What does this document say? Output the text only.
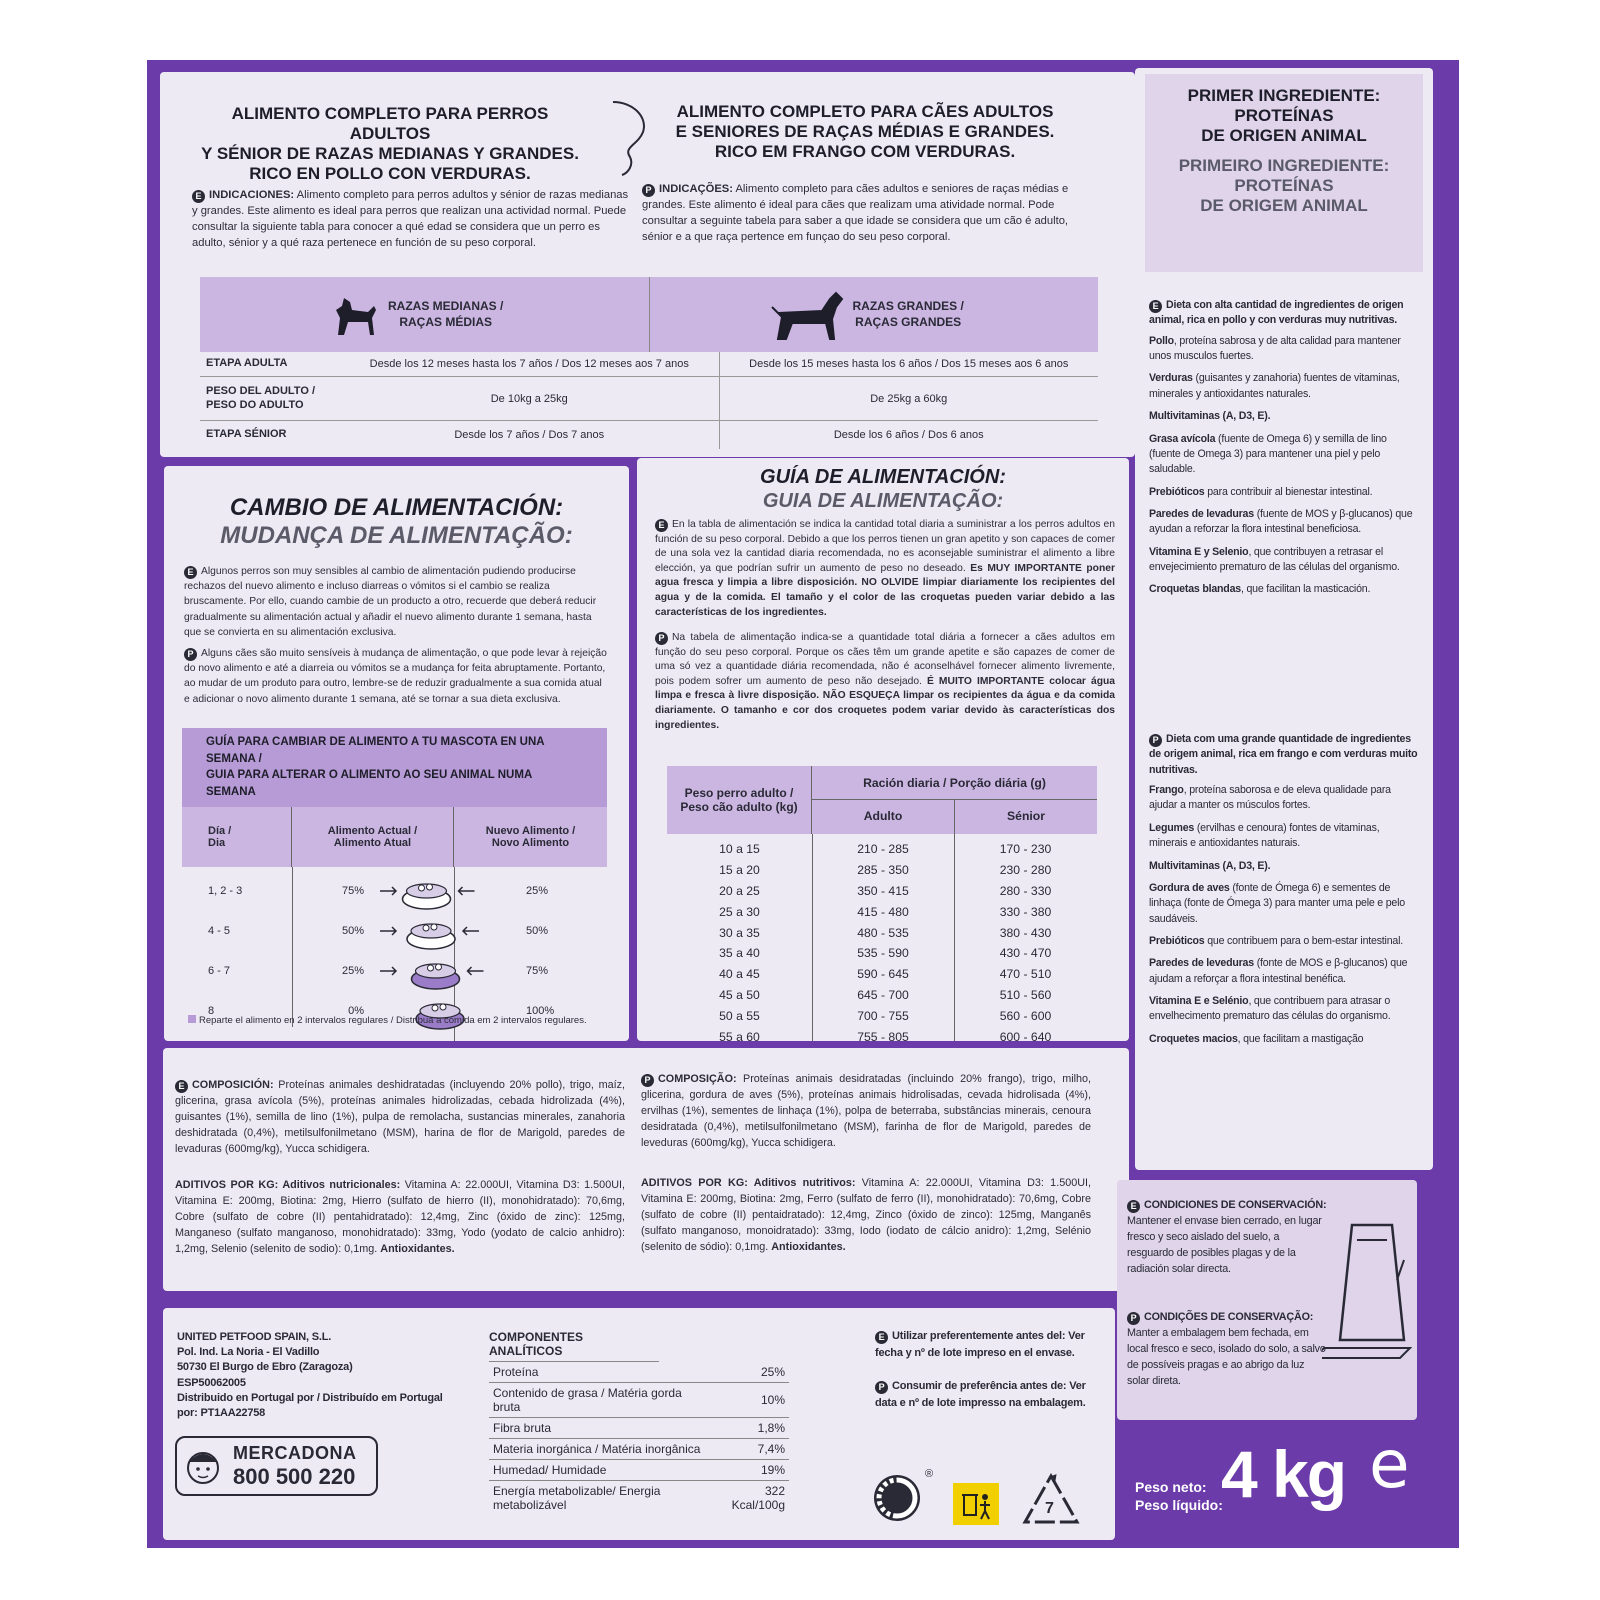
ALIMENTO COMPLETO PARA PERROS ADULTOS
Y SÉNIOR DE RAZAS MEDIANAS Y GRANDES.
RICO EN POLLO CON VERDURAS.
ALIMENTO COMPLETO PARA CÃES ADULTOS
E SENIORES DE RAÇAS MÉDIAS E GRANDES.
RICO EM FRANGO COM VERDURAS.
E INDICACIONES: Alimento completo para perros adultos y sénior de razas medianas y grandes. Este alimento es ideal para perros que realizan una actividad normal. Puede consultar la siguiente tabla para conocer a qué edad se considera que un perro es adulto, sénior y a qué raza pertenece en función de su peso corporal.
P INDICAÇÕES: Alimento completo para cães adultos e seniores de raças médias e grandes. Este alimento é ideal para cães que realizam uma atividade normal. Pode consultar a seguinte tabela para saber a que idade se considera que um cão é adulto, sénior e a que raça pertence em funçao do seu peso corporal.
RAZAS MEDIANAS /
RAÇAS MÉDIAS
RAZAS GRANDES /
RAÇAS GRANDES
ETAPA ADULTA	Desde los 12 meses hasta los 7 años / Dos 12 meses aos 7 anos	Desde los 15 meses hasta los 6 años / Dos 15 meses aos 6 anos
PESO DEL ADULTO /
PESO DO ADULTO	De 10kg a 25kg	De 25kg a 60kg
ETAPA SÉNIOR	Desde los 7 años / Dos 7 anos	Desde los 6 años / Dos 6 anos
CAMBIO DE ALIMENTACIÓN:
MUDANÇA DE ALIMENTAÇÃO:
E Algunos perros son muy sensibles al cambio de alimentación pudiendo producirse rechazos del nuevo alimento e incluso diarreas o vómitos si el cambio se realiza bruscamente. Por ello, cuando cambie de un producto a otro, recuerde que deberá reducir gradualmente su alimentación actual y añadir el nuevo alimento durante 1 semana, hasta que se convierta en su alimentación exclusiva.
P Alguns cães são muito sensíveis à mudança de alimentação, o que pode levar à rejeição do novo alimento e até a diarreia ou vómitos se a mudança for feita abruptamente. Portanto, ao mudar de um produto para outro, lembre-se de reduzir gradualmente a sua comida atual e adicionar o novo alimento durante 1 semana, até se tornar a sua dieta exclusiva.
GUÍA PARA CAMBIAR DE ALIMENTO A TU MASCOTA EN UNA SEMANA /
GUIA PARA ALTERAR O ALIMENTO AO SEU ANIMAL NUMA SEMANA
Día /
Dia
Alimento Actual /
Alimento Atual
Nuevo Alimento /
Novo Alimento
1, 2 - 3	75%	25%
4 - 5	50%	50%
6 - 7	25%	75%
8	0%	100%
Reparte el alimento en 2 intervalos regulares / Distribua a comida em 2 intervalos regulares.
GUÍA DE ALIMENTACIÓN:
GUIA DE ALIMENTAÇÃO:
E En la tabla de alimentación se indica la cantidad total diaria a suministrar a los perros adultos en función de su peso corporal. Debido a que los perros tienen un gran apetito y son capaces de comer de una sola vez la cantidad diaria recomendada, no es aconsejable suministrar el alimento a libre elección, ya que podrían sufrir un aumento de peso no deseado. Es MUY IMPORTANTE poner agua fresca y limpia a libre disposición. NO OLVIDE limpiar diariamente los recipientes del agua y de la comida. El tamaño y el color de las croquetas pueden variar debido a las características de los ingredientes.
P Na tabela de alimentação indica-se a quantidade total diária a fornecer a cães adultos em função do seu peso corporal. Porque os cães têm um grande apetite e são capazes de comer de uma só vez a quantidade diária recomendada, não é aconselhável fornecer alimento livremente, pois podem sofrer um aumento de peso não desejado. É MUITO IMPORTANTE colocar água limpa e fresca à livre disposição. NÃO ESQUEÇA limpar os recipientes da água e da comida diariamente. O tamanho e cor dos croquetes podem variar devido às características dos ingredientes.
Peso perro adulto /
Peso cão adulto (kg)
Ración diaria / Porção diária (g)
Adulto	Sénior
10 a 15	210 - 285	170 - 230
15 a 20	285 - 350	230 - 280
20 a 25	350 - 415	280 - 330
25 a 30	415 - 480	330 - 380
30 a 35	480 - 535	380 - 430
35 a 40	535 - 590	430 - 470
40 a 45	590 - 645	470 - 510
45 a 50	645 - 700	510 - 560
50 a 55	700 - 755	560 - 600
55 a 60	755 - 805	600 - 640
PRIMER INGREDIENTE:
PROTEÍNAS
DE ORIGEN ANIMAL
PRIMEIRO INGREDIENTE:
PROTEÍNAS
DE ORIGEM ANIMAL

E Dieta con alta cantidad de ingredientes de origen animal, rica en pollo y con verduras muy nutritivas.

Pollo, proteína sabrosa y de alta calidad para mantener unos musculos fuertes.

Verduras (guisantes y zanahoria) fuentes de vitaminas, minerales y antioxidantes naturales.

Multivitaminas (A, D3, E).

Grasa avícola (fuente de Omega 6) y semilla de lino (fuente de Omega 3) para mantener una piel y pelo saludable.

Prebióticos para contribuir al bienestar intestinal.

Paredes de levaduras (fuente de MOS y β-glucanos) que ayudan a reforzar la flora intestinal beneficiosa.

Vitamina E y Selenio, que contribuyen a retrasar el envejecimiento prematuro de las células del organismo.

Croquetas blandas, que facilitan la masticación.

P Dieta com uma grande quantidade de ingredientes de origem animal, rica em frango e com verduras muito nutritivas.

Frango, proteína saborosa e de eleva qualidade para ajudar a manter os músculos fortes.

Legumes (ervilhas e cenoura) fontes de vitaminas, minerais e antioxidantes naturais.

Multivitaminas (A, D3, E).

Gordura de aves (fonte de Ómega 6) e sementes de linhaça (fonte de Ómega 3) para manter uma pele e pelo saudáveis.

Prebióticos que contribuem para o bem-estar intestinal.

Paredes de leveduras (fonte de MOS e β-glucanos) que ajudam a reforçar a flora intestinal benéfica.

Vitamina E e Selénio, que contribuem para atrasar o envelhecimento prematuro das células do organismo.

Croquetes macios, que facilitam a mastigação

E COMPOSICIÓN: Proteínas animales deshidratadas (incluyendo 20% pollo), trigo, maíz, glicerina, grasa avícola (5%), proteínas animales hidrolizadas, cebada hidrolizada (4%), guisantes (1%), semilla de lino (1%), pulpa de remolacha, sustancias minerales, zanahoria deshidratada (0,4%), metilsulfonilmetano (MSM), harina de flor de Marigold, paredes de levaduras (600mg/kg), Yucca schidigera.
ADITIVOS POR KG: Aditivos nutricionales: Vitamina A: 22.000UI, Vitamina D3: 1.500UI, Vitamina E: 200mg, Biotina: 2mg, Hierro (sulfato de hierro (II), monohidratado): 70,6mg, Cobre (sulfato de cobre (II) pentahidratado): 12,4mg, Zinc (óxido de zinc): 125mg, Manganeso (sulfato manganoso, monohidratado): 33mg, Yodo (yodato de calcio anhidro): 1,2mg, Selenio (selenito de sodio): 0,1mg. Antioxidantes.
P COMPOSIÇÃO: Proteínas animais desidratadas (incluindo 20% frango), trigo, milho, glicerina, gordura de aves (5%), proteínas animais hidrolisadas, cevada hidrolisada (4%), ervilhas (1%), sementes de linhaça (1%), polpa de beterraba, substâncias minerais, cenoura desidratada (0,4%), metilsulfonilmetano (MSM), farinha de flor de Marigold, paredes de leveduras (600mg/kg), Yucca schidigera.
ADITIVOS POR KG: Aditivos nutritivos: Vitamina A: 22.000UI, Vitamina D3: 1.500UI, Vitamina E: 200mg, Biotina: 2mg, Ferro (sulfato de ferro (II), monohidratado): 70,6mg, Cobre (sulfato de cobre (II) pentaidratado): 12,4mg, Zinco (óxido de zinco): 125mg, Manganês (sulfato manganoso, monoidratado): 33mg, Iodo (iodato de cálcio anidro): 1,2mg, Selénio (selenito de sódio): 0,1mg. Antioxidantes.
E CONDICIONES DE CONSERVACIÓN:
Mantener el envase bien cerrado, en lugar fresco y seco aislado del suelo, a resguardo de posibles plagas y de la radiación solar directa.
P CONDIÇÕES DE CONSERVAÇÃO:
Manter a embalagem bem fechada, em local fresco e seco, isolado do solo, a salvo de possíveis pragas e ao abrigo da luz solar direta.
UNITED PETFOOD SPAIN, S.L.
Pol. Ind. La Noria - El Vadillo
50730 El Burgo de Ebro (Zaragoza)
ESP50062005
Distribuido en Portugal por / Distribuído em Portugal
por: PT1AA22758
MERCADONA
800 500 220
COMPONENTES ANALÍTICOS
Proteína	25%
Contenido de grasa / Matéria gorda bruta	10%
Fibra bruta	1,8%
Materia inorgánica / Matéria inorgânica	7,4%
Humedad/ Humidade	19%
Energía metabolizable/ Energia metabolizável	322 Kcal/100g
E Utilizar preferentemente antes del: Ver fecha y nº de lote impreso en el envase.
P Consumir de preferência antes de: Ver data e nº de lote impresso na embalagem.
®
7
Peso neto:
Peso líquido:
4 kg e
